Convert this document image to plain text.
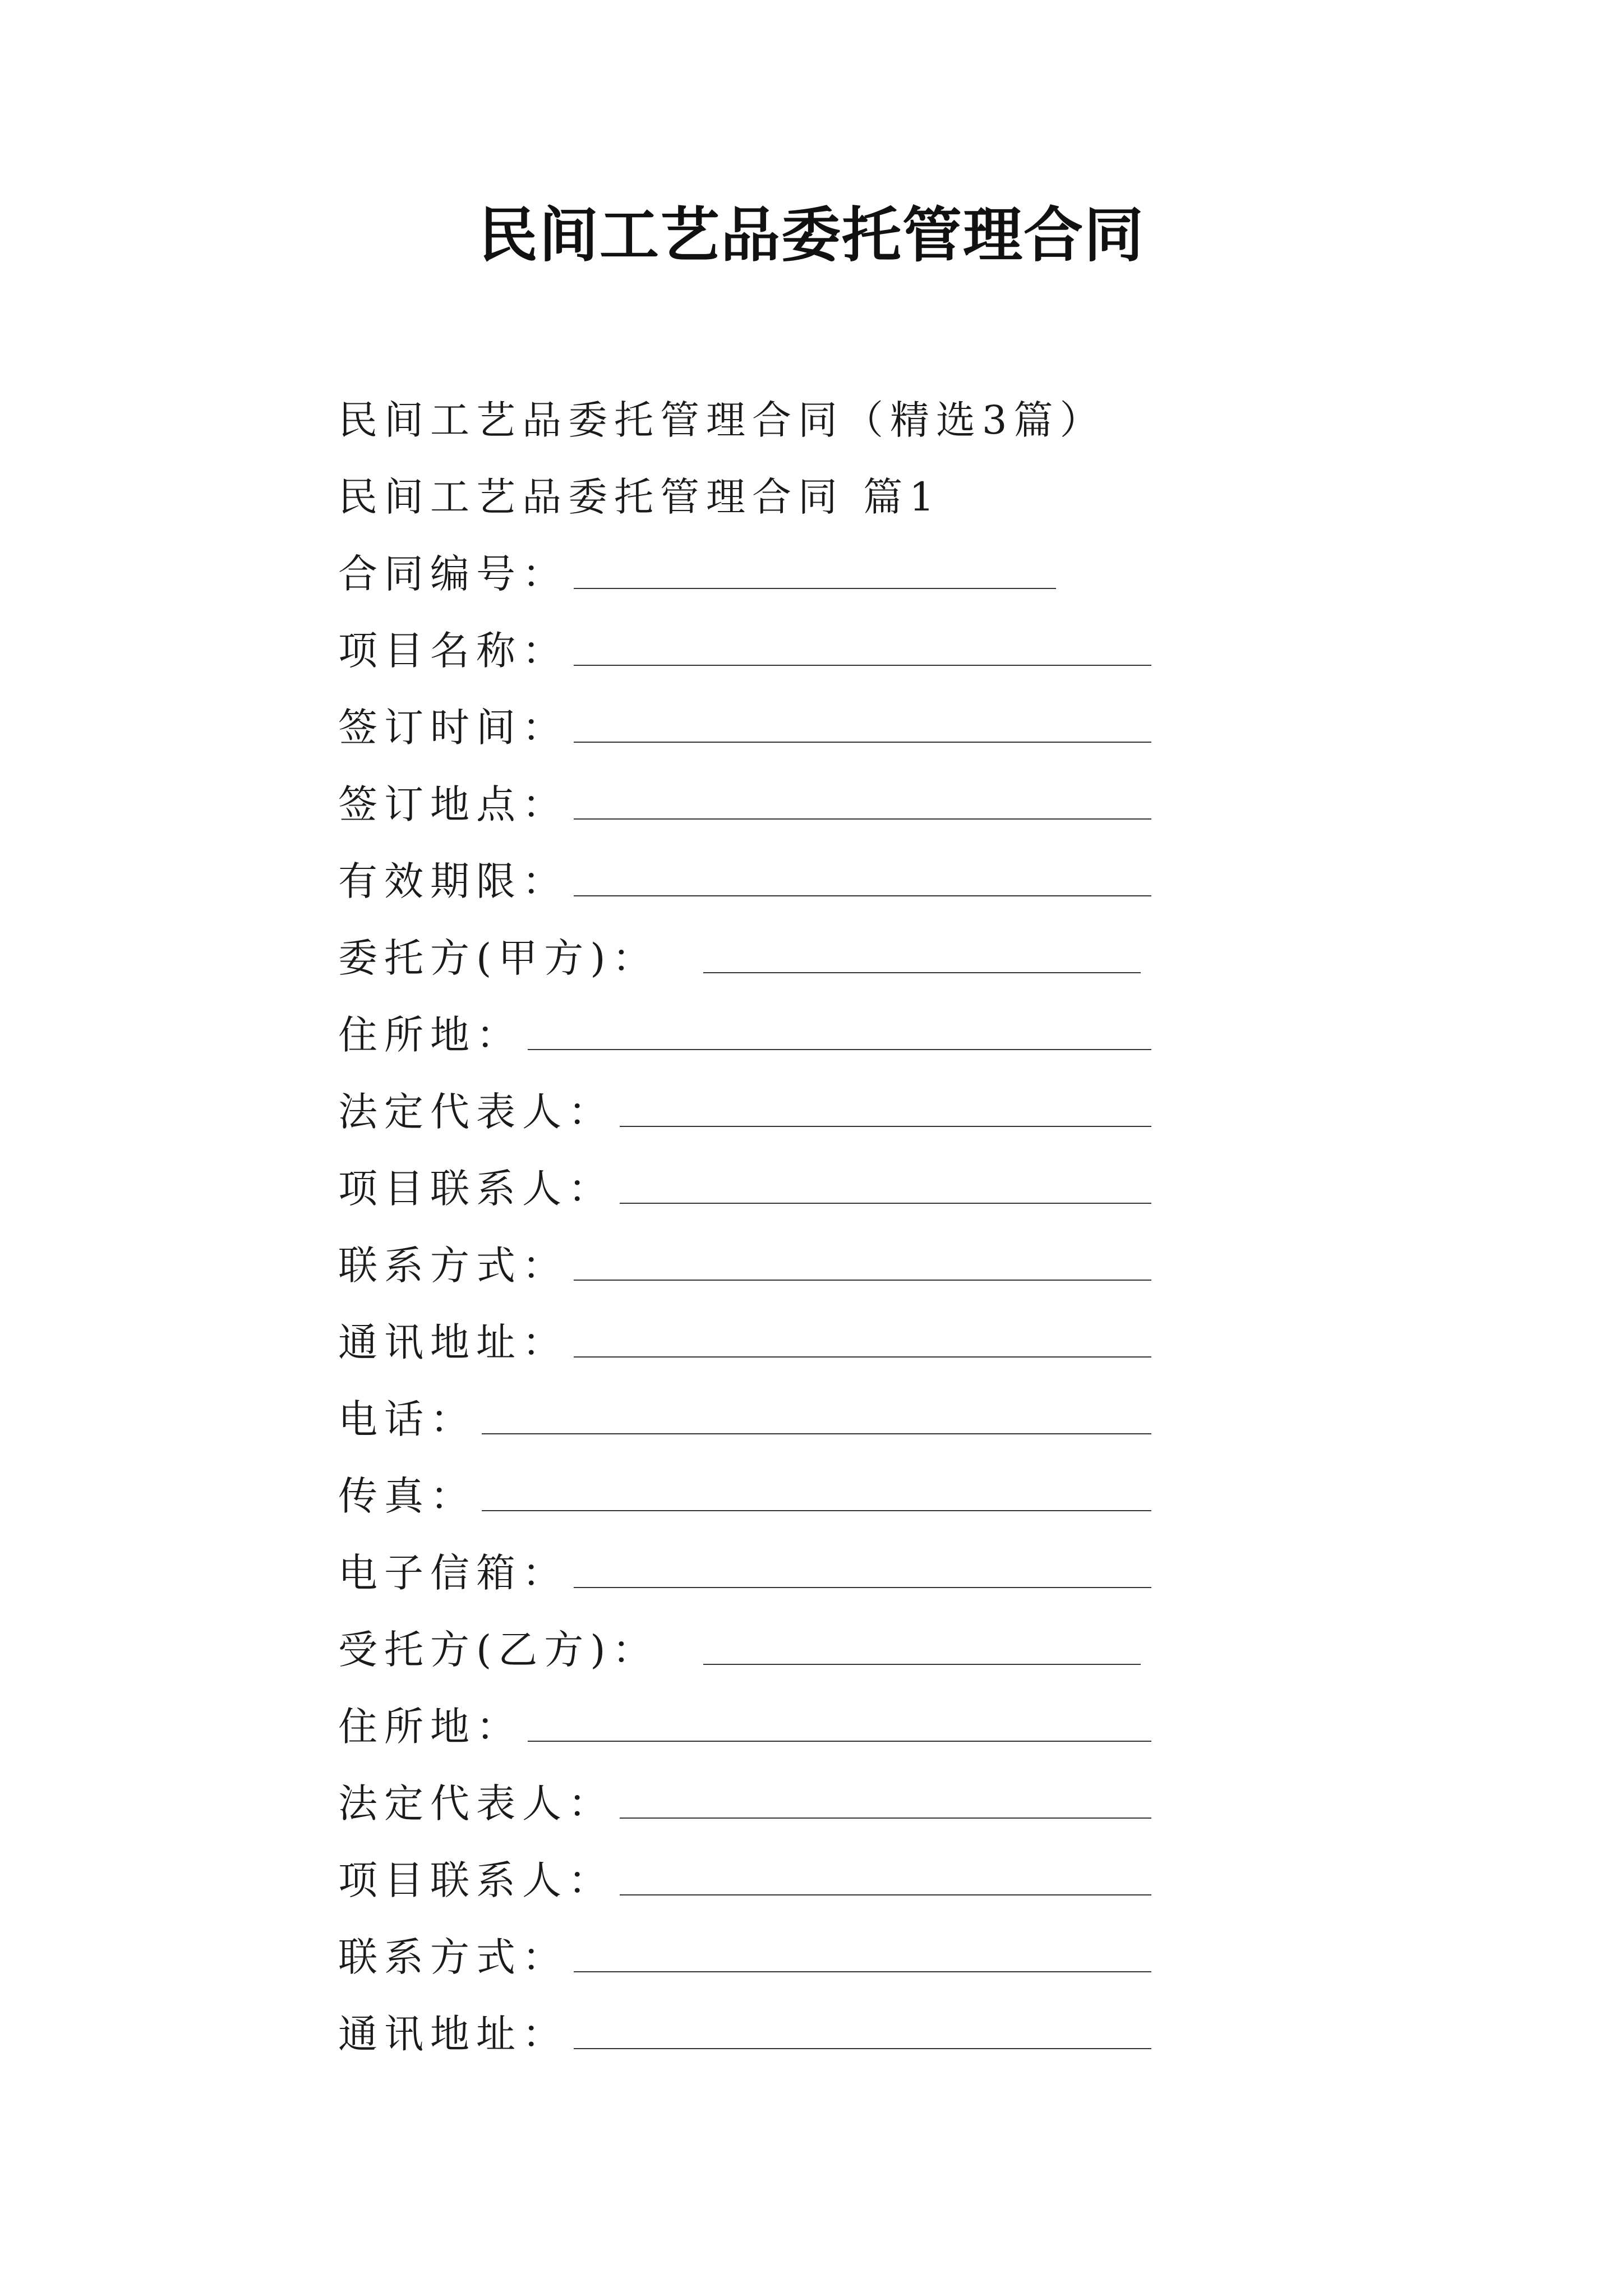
民间工艺品委托管理合同
民间工艺品委托管理合同（精选3篇）
民间工艺品委托管理合同 篇1
合同编号：
项目名称：
签订时间：
签订地点：
有效期限：
委托方(甲方)：
住所地：
法定代表人：
项目联系人：
联系方式：
通讯地址：
电话：
传真：
电子信箱：
受托方(乙方)：
住所地：
法定代表人：
项目联系人：
联系方式：
通讯地址：
